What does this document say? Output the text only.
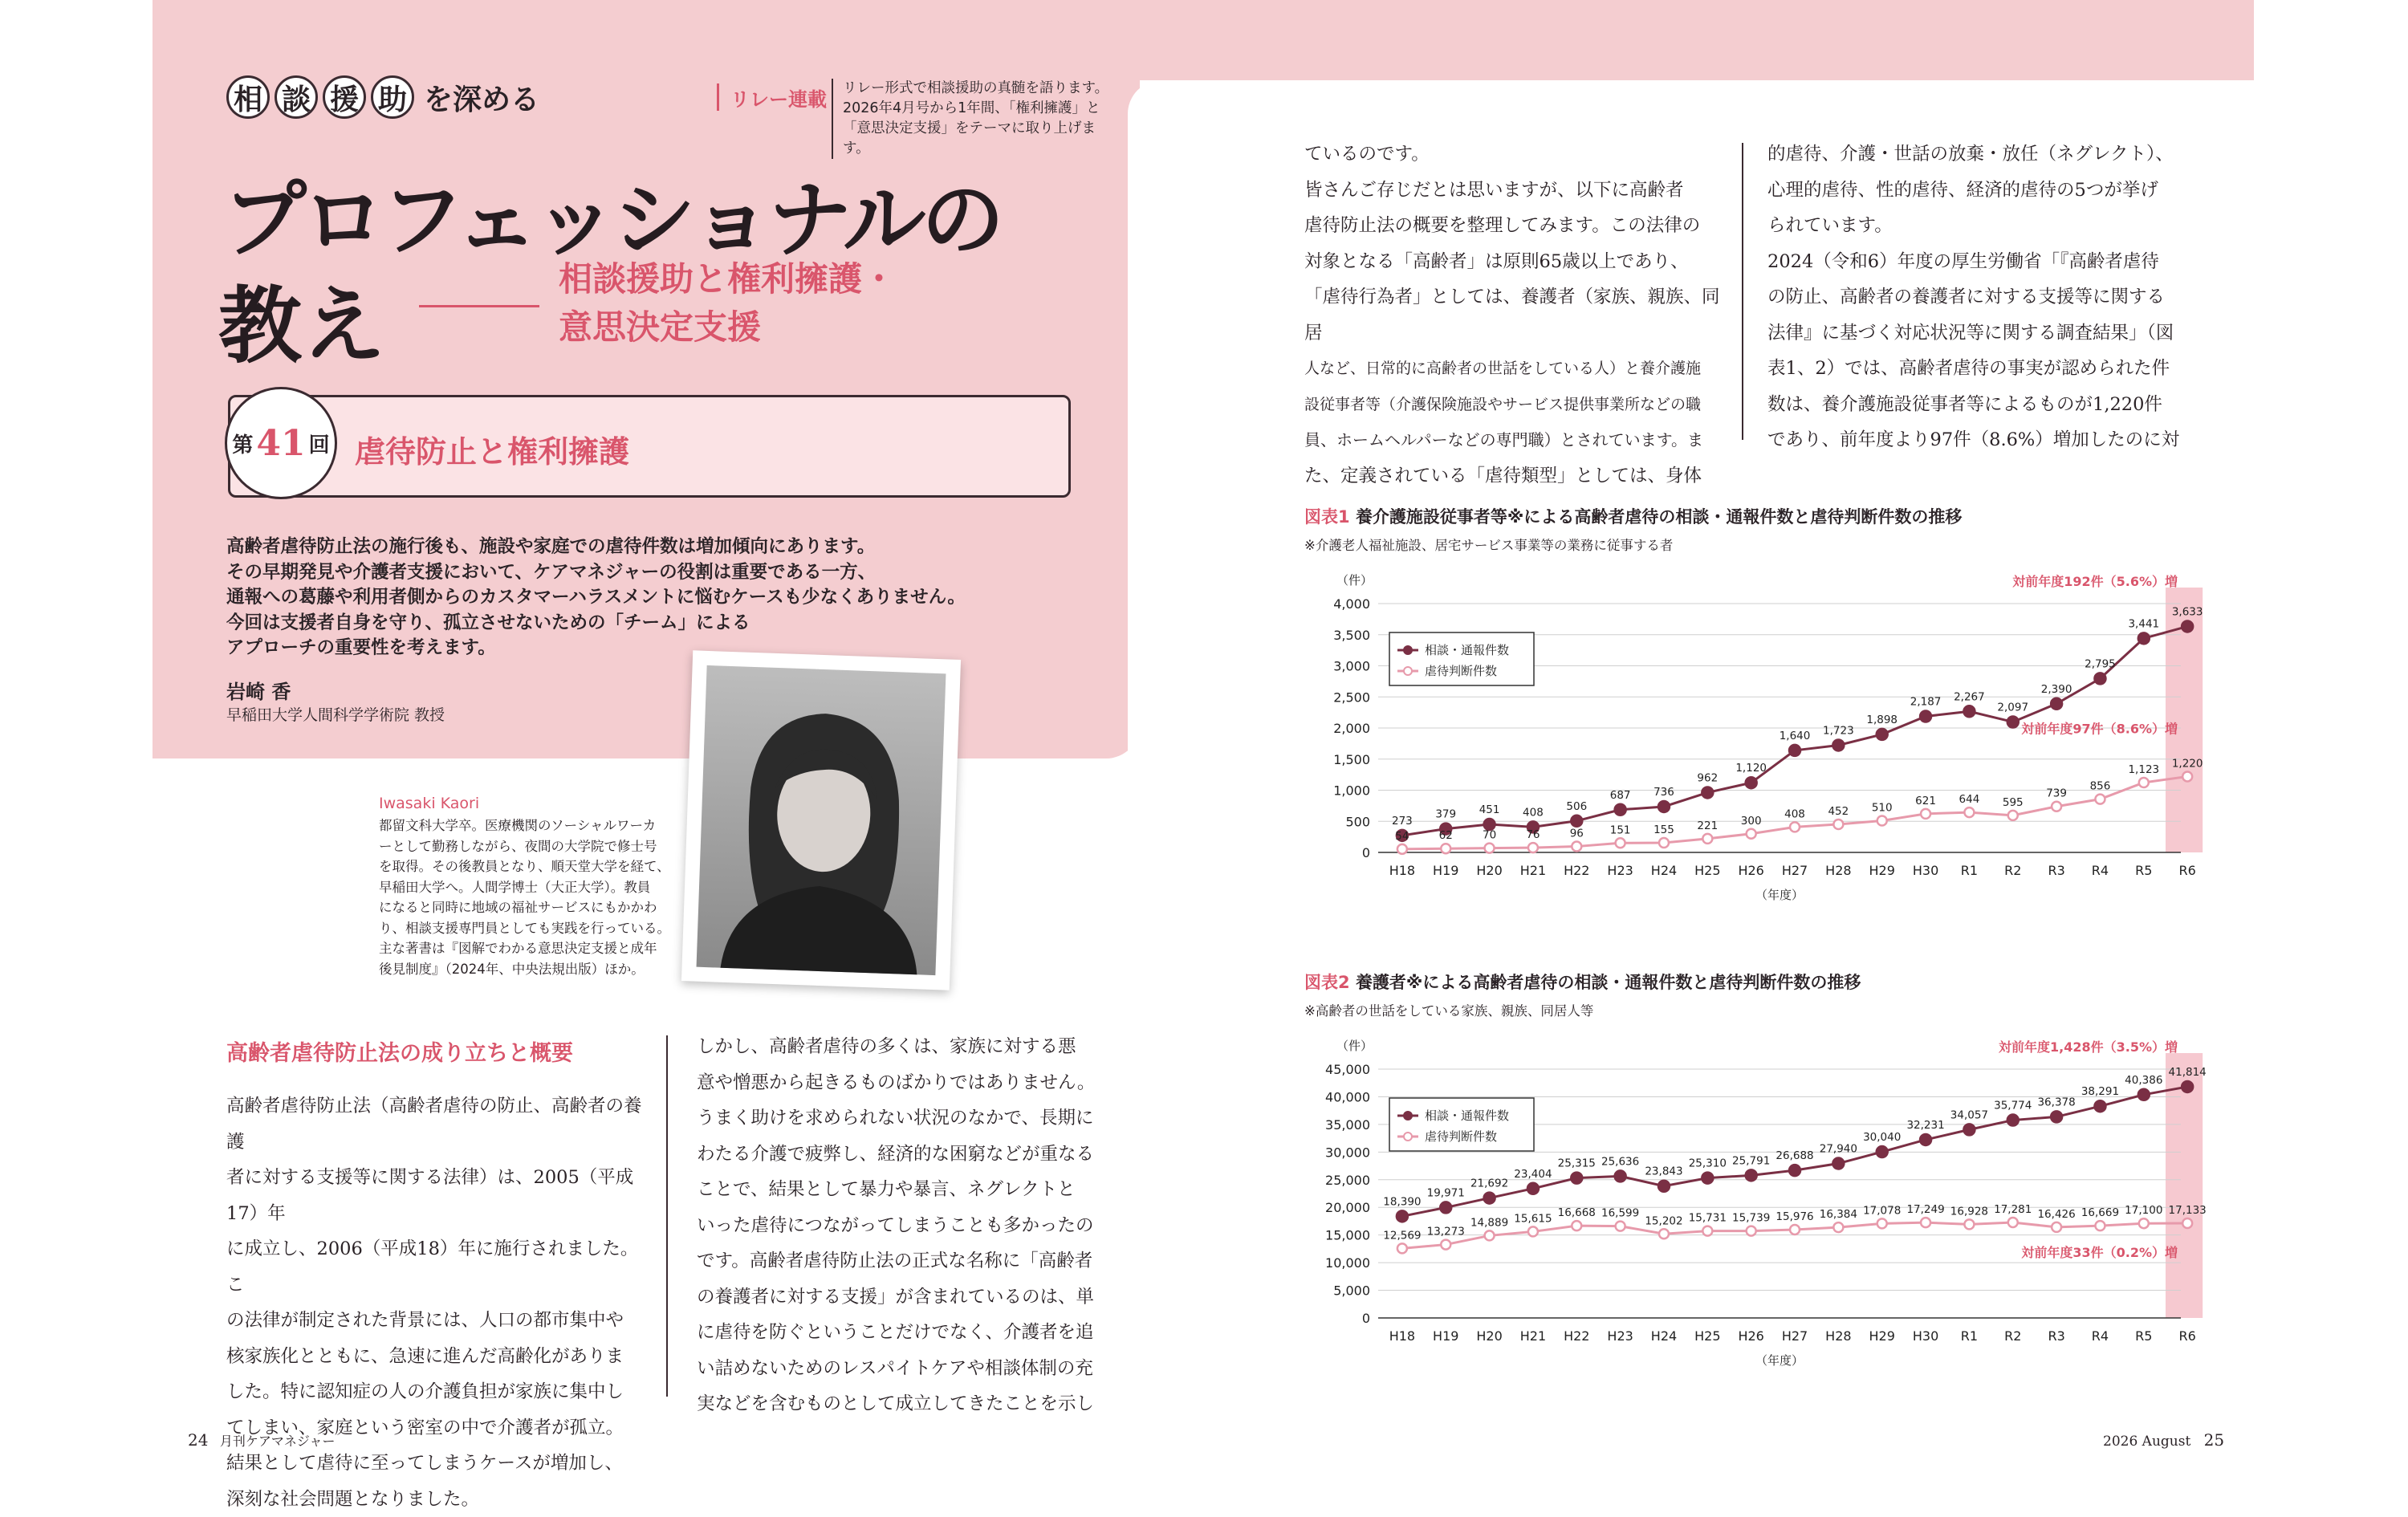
相 談 援 助 を深める	リレー連載	リレー形式で相談援助の真髄を語ります。2026年4月号から1年間、「権利擁護」と「意思決定支援」をテーマに取り上げます。
プロフェッショナルの
教え	相談援助と権利擁護・
意思決定支援
第 41 回 虐待防止と権利擁護
高齢者虐待防止法の施行後も、施設や家庭での虐待件数は増加傾向にあります。
その早期発見や介護者支援において、ケアマネジャーの役割は重要である一方、
通報への葛藤や利用者側からのカスタマーハラスメントに悩むケースも少なくありません。
今回は支援者自身を守り、孤立させないための「チーム」による
アプローチの重要性を考えます。
岩崎 香
早稲田大学人間科学学術院 教授
Iwasaki Kaori
都留文科大学卒。医療機関のソーシャルワーカ
ーとして勤務しながら、夜間の大学院で修士号
を取得。その後教員となり、順天堂大学を経て、
早稲田大学へ。人間学博士（大正大学）。教員
になると同時に地域の福祉サービスにもかかわ
り、相談支援専門員としても実践を行っている。
主な著書は『図解でわかる意思決定支援と成年
後見制度』（2024年、中央法規出版）ほか。
高齢者虐待防止法の成り立ちと概要
高齢者虐待防止法（高齢者虐待の防止、高齢者の養護
者に対する支援等に関する法律）は、2005（平成17）年
に成立し、2006（平成18）年に施行されました。こ
の法律が制定された背景には、人口の都市集中や
核家族化とともに、急速に進んだ高齢化がありま
した。特に認知症の人の介護負担が家族に集中し
てしまい、家庭という密室の中で介護者が孤立。
結果として虐待に至ってしまうケースが増加し、
深刻な社会問題となりました。
しかし、高齢者虐待の多くは、家族に対する悪
意や憎悪から起きるものばかりではありません。
うまく助けを求められない状況のなかで、長期に
わたる介護で疲弊し、経済的な困窮などが重なる
ことで、結果として暴力や暴言、ネグレクトと
いった虐待につながってしまうことも多かったの
です。高齢者虐待防止法の正式な名称に「高齢者
の養護者に対する支援」が含まれているのは、単
に虐待を防ぐということだけでなく、介護者を追
い詰めないためのレスパイトケアや相談体制の充
実などを含むものとして成立してきたことを示し
ているのです。
皆さんご存じだとは思いますが、以下に高齢者
虐待防止法の概要を整理してみます。この法律の
対象となる「高齢者」は原則65歳以上であり、
「虐待行為者」としては、養護者（家族、親族、同居
人など、日常的に高齢者の世話をしている人）と養介護施
設従事者等（介護保険施設やサービス提供事業所などの職
員、ホームヘルパーなどの専門職）とされています。ま
た、定義されている「虐待類型」としては、身体
的虐待、介護・世話の放棄・放任（ネグレクト）、
心理的虐待、性的虐待、経済的虐待の5つが挙げ
られています。
2024（令和6）年度の厚生労働省「『高齢者虐待
の防止、高齢者の養護者に対する支援等に関する
法律』に基づく対応状況等に関する調査結果」（図
表1、2）では、高齢者虐待の事実が認められた件
数は、養介護施設従事者等によるものが1,220件
であり、前年度より97件（8.6%）増加したのに対
図表1 養介護施設従事者等※による高齢者虐待の相談・通報件数と虐待判断件数の推移
※介護老人福祉施設、居宅サービス事業等の業務に従事する者
0
500
1,000
1,500
2,000
2,500
3,000
3,500
4,000
（件）
（年度）
H18 H19 H20 H21 H22 H23 H24 H25 H26 H27 H28 H29 H30 R1 R2 R3 R4 R5 R6
273
379 451 408 506
687 736
962
1,120
1,640 1,723
1,898
2,187 2,267
2,097
2,390
2,795
3,441
3,633
54	62	70	76	96 151 155 221 300
408 452 510
621 644 595
739
856
1,123 1,220
相談・通報件数
虐待判断件数
対前年度192件（5.6%）増
対前年度97件（8.6%）増
図表2 養護者※による高齢者虐待の相談・通報件数と虐待判断件数の推移
※高齢者の世話をしている家族、親族、同居人等
0
5,000
10,000
15,000
20,000
25,000
30,000
35,000
40,000
45,000
（件）
（年度）
H18 H19 H20 H21 H22 H23 H24 H25 H26 H27 H28 H29 H30 R1 R2 R3 R4 R5 R6
18,390
19,971
21,692
23,404
25,315 25,636
23,843
25,310 25,791 26,688
27,940
30,040
32,231
34,057
35,774 36,378
38,291
40,386
41,814
12,569 13,273
14,889 15,615 16,668 16,599
15,202 15,731 15,739 15,976 16,384 17,078 17,249 16,928 17,281 16,426 16,669 17,100 17,133
相談・通報件数
虐待判断件数
対前年度1,428件（3.5%）増
対前年度33件（0.2%）増
24 月刊ケアマネジャー	2026 August 25
